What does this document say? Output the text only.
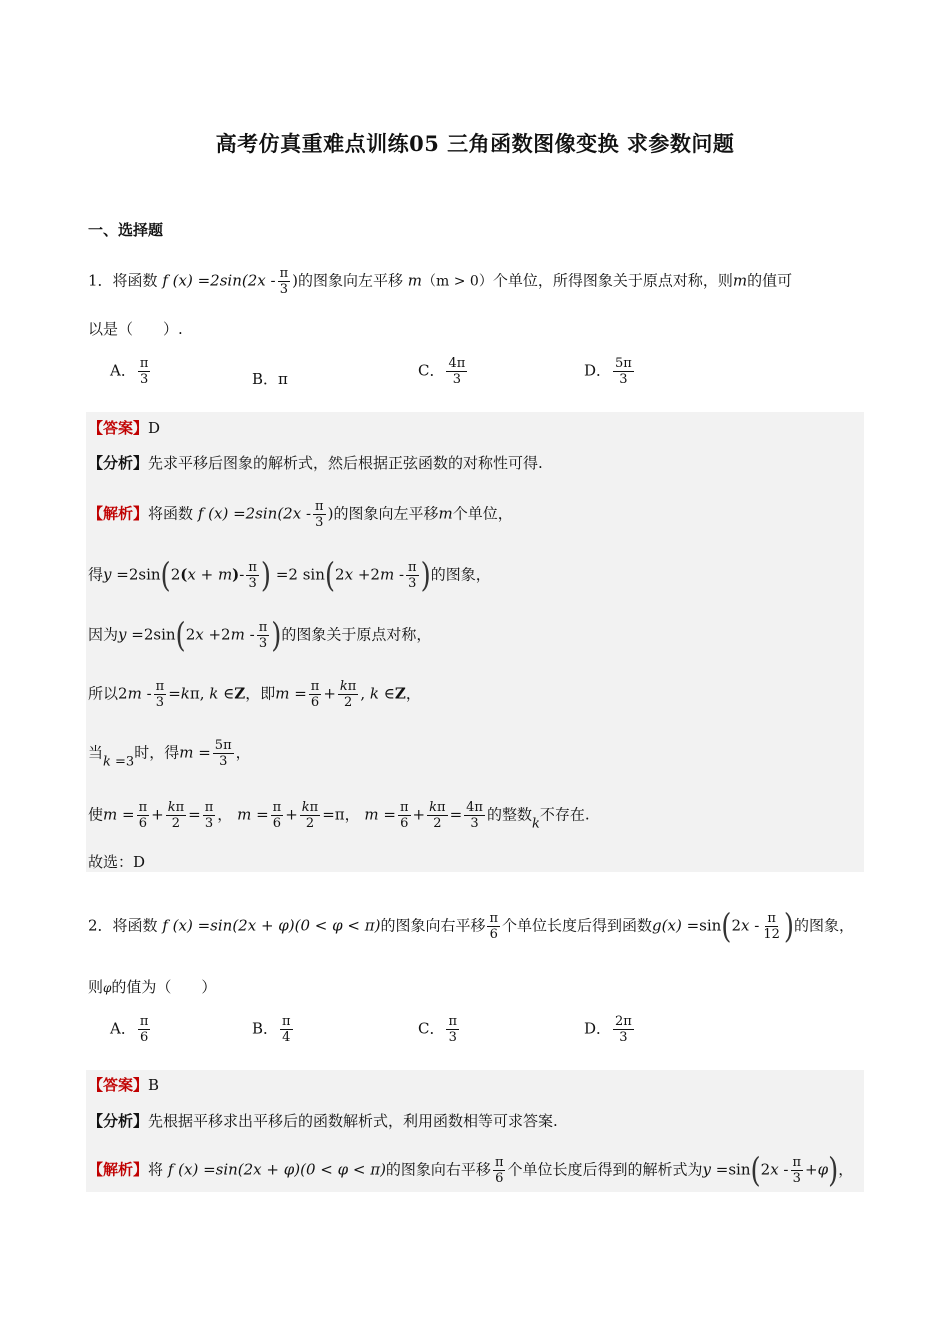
高考仿真重难点训练05 三角函数图像变换 求参数问题
一、选择题
1．将函数 f $(x) =2\sin(2x - \frac{\pi}{3}$ )的图象向左平移 m（m > 0）个单位，所得图象关于原点对称，则m的值可
以是（　　）.
A． $\frac{\pi}{3}$	B．π	C． $\frac{4\pi}{3}$	D． $\frac{5\pi}{3}$
【答案】D
【分析】先求平移后图象的解析式，然后根据正弦函数的对称性可得.
【解析】将函数 f $(x) =2\sin(2x - \frac{\pi}{3}$ )的图象向左平移m个单位，
得$y =2\sin(2(x + m)- \frac{\pi}{3}$ ) =2 $\sin(2x +2m - \frac{\pi}{3}$ )的图象，
因为$y =2\sin(2x +2m - \frac{\pi}{3}$ )的图象关于原点对称，
所以$2m - \frac{\pi}{3} =k\pi$, k ∈Z，即$m = \frac{\pi}{6} + \frac{k\pi}{2}$ , k ∈Z，
当k =3时，得$m = \frac{5\pi}{3}$ ，
使$m = \frac{\pi}{6} + \frac{k\pi}{2} = \frac{\pi}{3}$ ， $m = \frac{\pi}{6} + \frac{k\pi}{2} =\pi$， $m = \frac{\pi}{6} + \frac{k\pi}{2} = \frac{4\pi}{3}$ 的整数k不存在.
故选：D
2．将函数 f (x) =sin(2x + φ)(0 < φ < π)的图象向右平移 $\frac{\pi}{6}$ 个单位长度后得到函数$g(x) =\sin(2x - \frac{\pi}{12}$ )的图象，
则φ的值为（　　）
A． $\frac{\pi}{6}$	B． $\frac{\pi}{4}$	C． $\frac{\pi}{3}$	D． $\frac{2\pi}{3}$
【答案】B
【分析】先根据平移求出平移后的函数解析式，利用函数相等可求答案.
【解析】将 f (x) =sin(2x + φ)(0 < φ < π)的图象向右平移 $\frac{\pi}{6}$ 个单位长度后得到的解析式为$y =\sin(2x - \frac{\pi}{3} +\varphi)$，
